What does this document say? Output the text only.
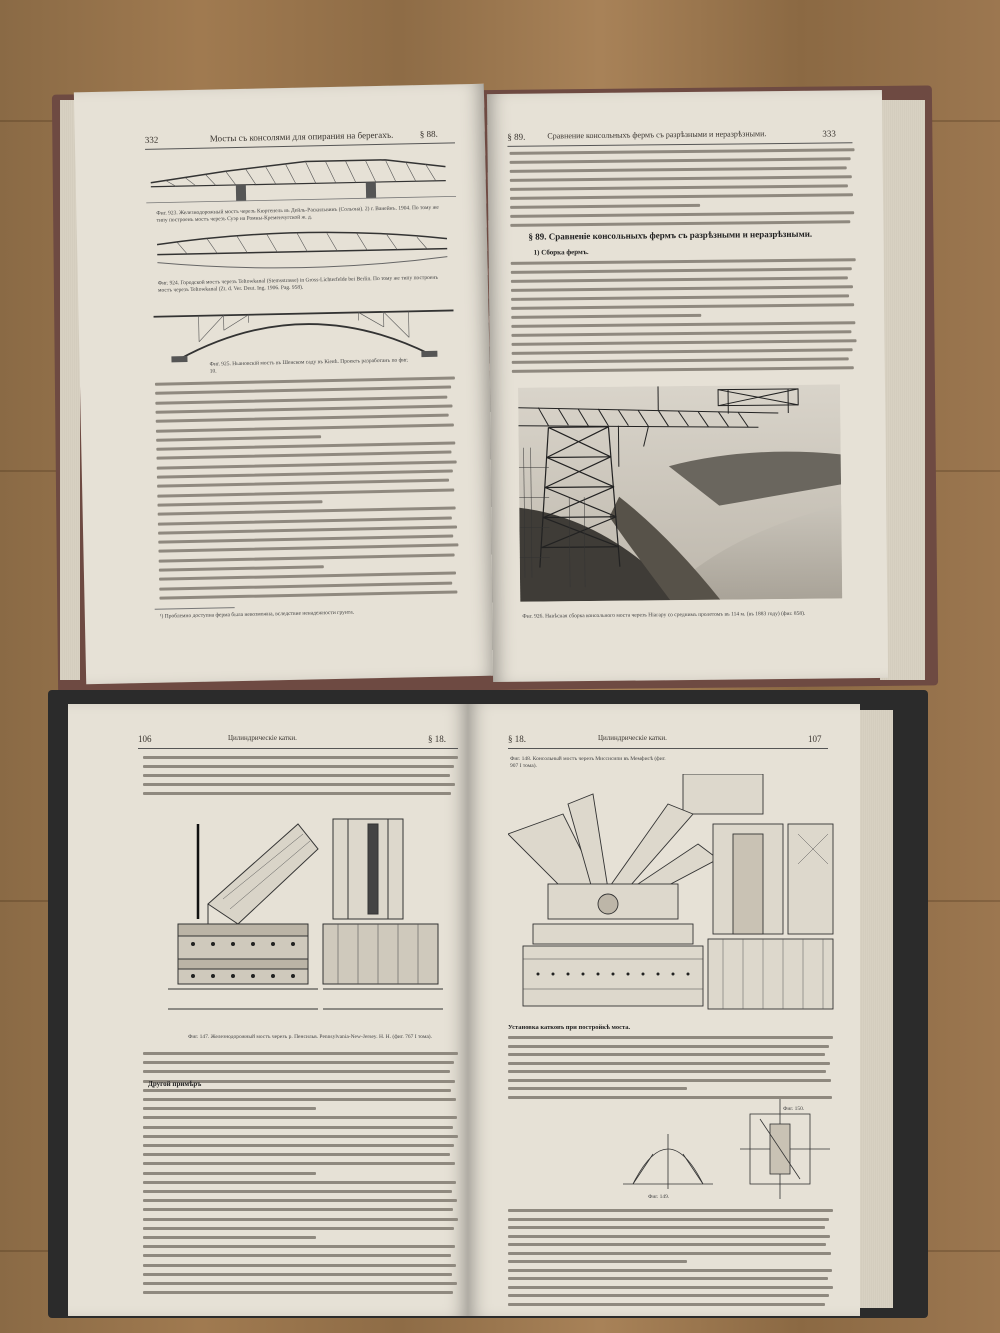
332	Мосты съ консолями для опирания на берегахъ.	§ 88.
Фиг. 923. Железнодорожный мостъ черезъ Кюртенель въ Дейль-Раскильвинъ (Сольона). 2) г. Ванейнъ. 1904. По тому же типу построенъ мостъ черезъ Суэр на Ромны-Кременчугской ж. д.
Фиг. 924. Городской мостъ черезъ Teltowkanal (Stemsstrasse) in Gross-Lichterfelde bei Berlin. По тому же типу построенъ мостъ черезъ Teltowkanal (Zt. d. Ver. Deut. Ing. 1906. Pag. 958).
Фиг. 925. Ньановскій мостъ въ Шенском саду въ Кіевѣ. Проектъ разработанъ по фиг. 10.
¹) Проблемно доступна ферма была невозможна, вследствие ненадежности грунта.
§ 89.	Сравнение консольныхъ фермъ съ разрѣзными и неразрѣзными.	333
§ 89. Сравненіе консольныхъ фермъ съ разрѣзными и неразрѣзными.
1) Сборка фермъ.
Фиг. 926. Навѣсная сборка консольного моста черезъ Ніагару со среднимъ пролетомъ въ 114 м. (въ 1883 году) (фиг. 858).
106	Цилиндрическіе катки.	§ 18.
Фиг. 147. Железнодорожный мостъ черезъ р. Пенсильв. Pennsylvania-New-Jersey. Н. Н. (фиг. 767 I тома).
Другой примѣръ
§ 18.	Цилиндрическіе катки.	107
Фиг. 148. Консольный мостъ черезъ Миссисипи въ Мемфисѣ (фиг. 907 I тома).
Установка катковъ при постройкѣ моста.
Фиг. 149.
Фиг. 150.
